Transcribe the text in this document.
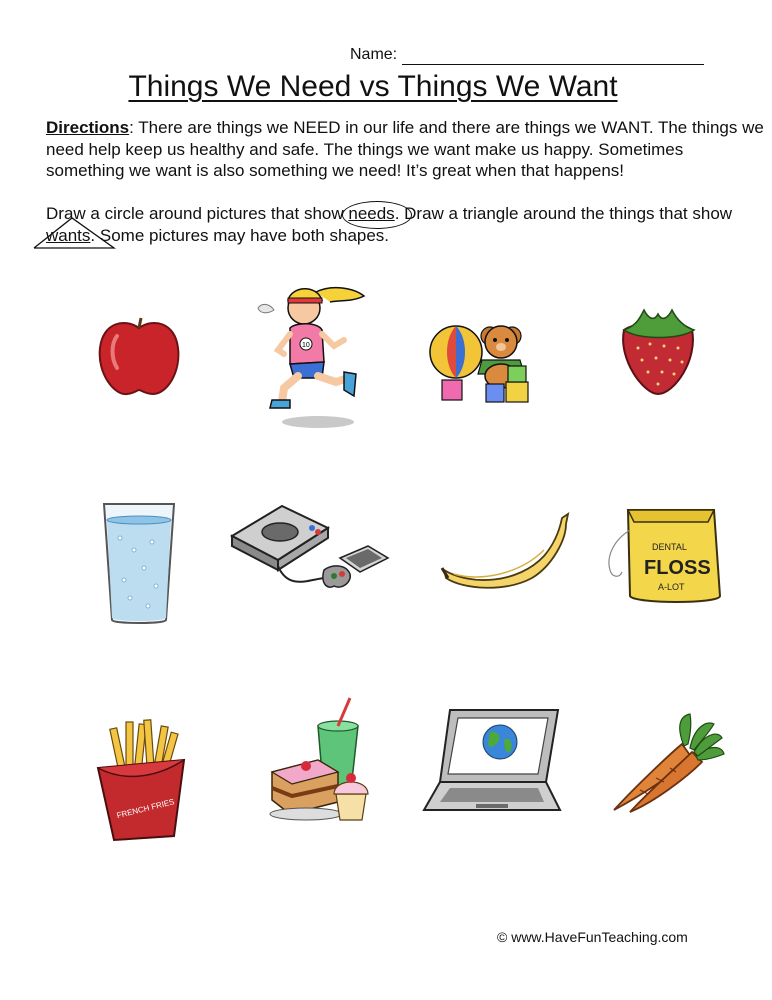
Name:
Things We Need vs Things We Want
Directions: There are things we NEED in our life and there are things we WANT. The things we need help keep us healthy and safe. The things we want make us happy. Sometimes something we want is also something we need! It’s great when that happens!
Draw a circle around pictures that show
needs. Draw a triangle around the things that show
wants. Some pictures may have both shapes.
10
DENTAL
FLOSS
A-LOT
FRENCH FRIES
© www.HaveFunTeaching.com
